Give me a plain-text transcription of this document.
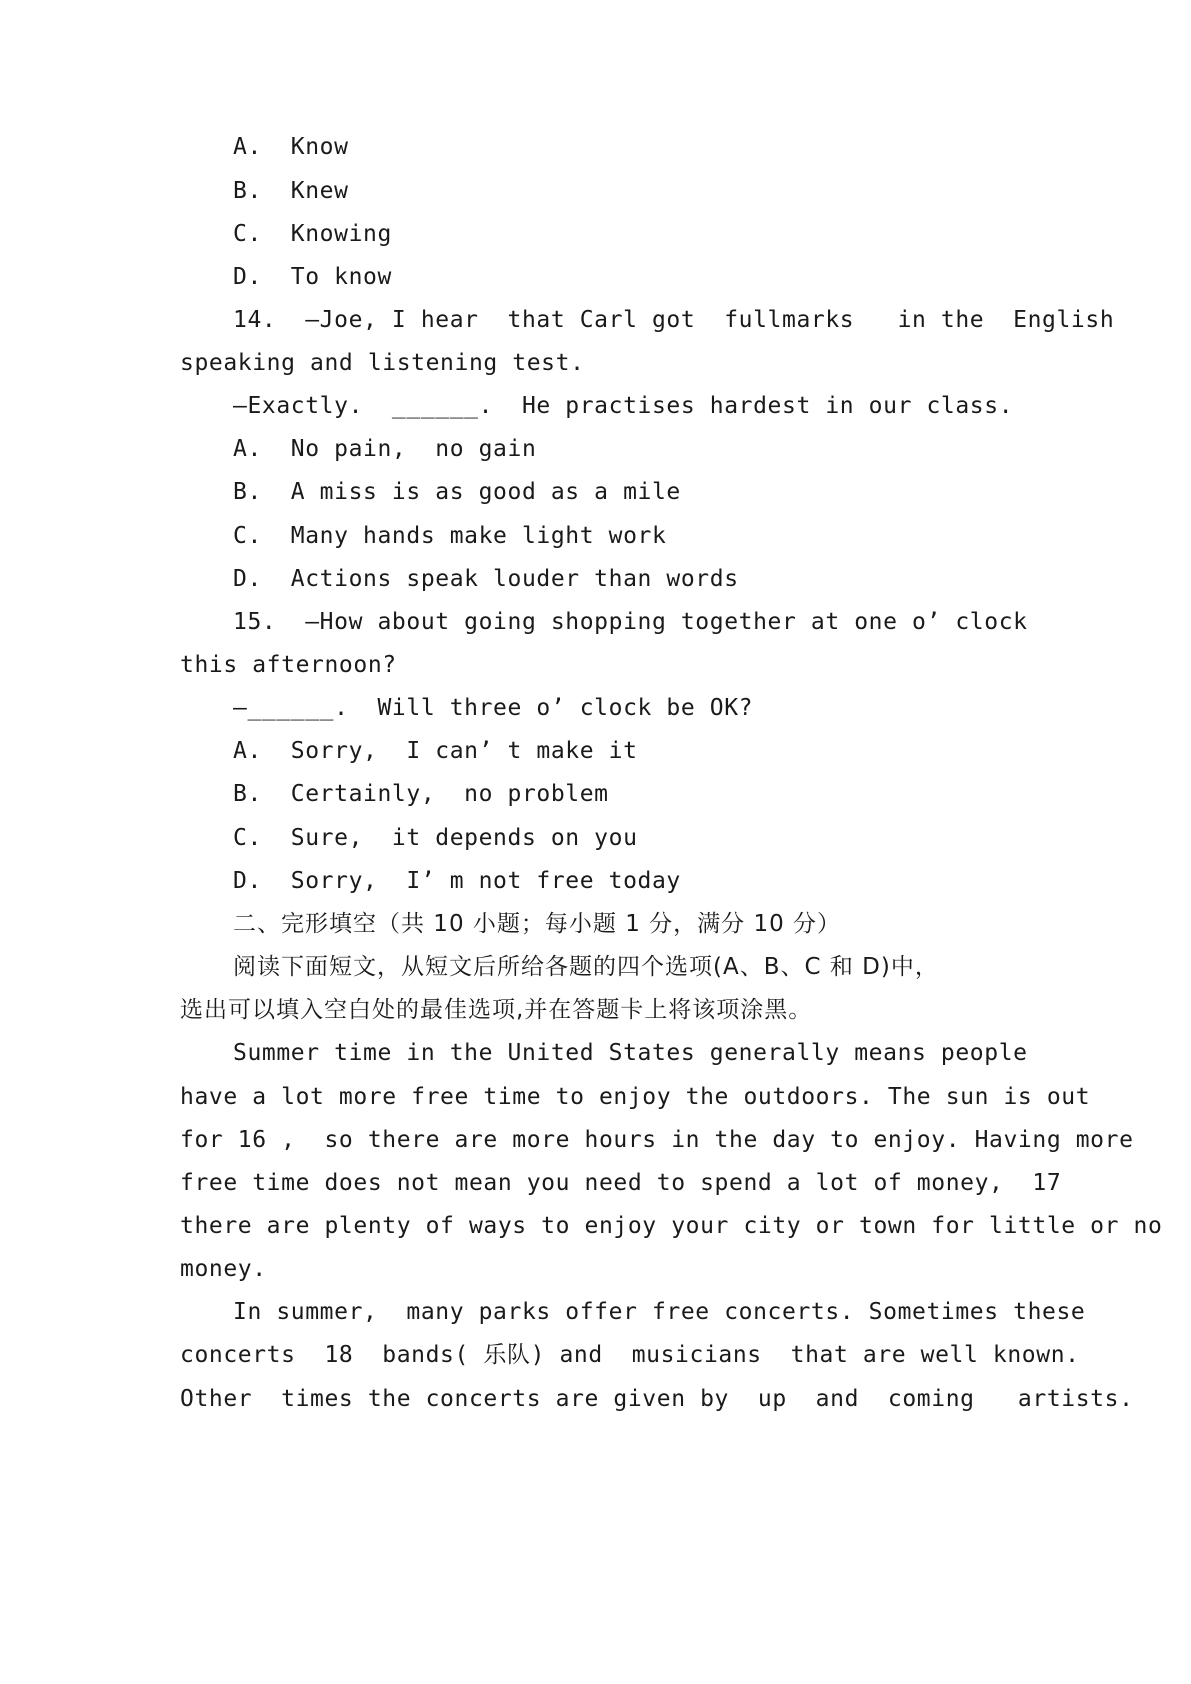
A.  Know
B.  Knew
C.  Knowing
D.  To know
14.  —Joe, I hear  that Carl got  fullmarks   in the  English
speaking and listening test.
—Exactly.  ______.  He practises hardest in our class.
A.  No pain,  no gain
B.  A miss is as good as a mile
C.  Many hands make light work
D.  Actions speak louder than words
15.  —How about going shopping together at one o’ clock
this afternoon?
—______.  Will three o’ clock be OK?
A.  Sorry,  I can’ t make it
B.  Certainly,  no problem
C.  Sure,  it depends on you
D.  Sorry,  I’ m not free today
二、完形填空（共 10 小题；每小题 1 分，满分 10 分）
阅读下面短文，从短文后所给各题的四个选项(A、B、C 和 D)中，
选出可以填入空白处的最佳选项,并在答题卡上将该项涂黑。
Summer time in the United States generally means people
have a lot more free time to enjoy the outdoors. The sun is out
for 16 ,  so there are more hours in the day to enjoy. Having more
free time does not mean you need to spend a lot of money,  17
there are plenty of ways to enjoy your city or town for little or no
money.
In summer,  many parks offer free concerts. Sometimes these
concerts  18  bands( 乐队) and  musicians  that are well known.
Other  times the concerts are given by  up  and  coming   artists.
